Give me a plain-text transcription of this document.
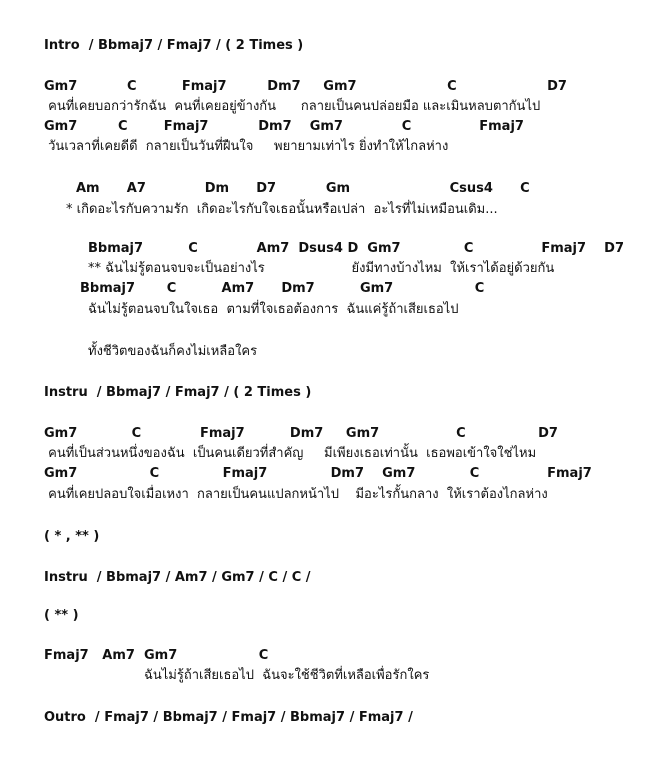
Intro  / Bbmaj7 / Fmaj7 / ( 2 Times )
Gm7           C          Fmaj7         Dm7     Gm7                    C                    D7
คนที่เคยบอกว่ารักฉัน  คนที่เคยอยู่ข้างกัน      กลายเป็นคนปล่อยมือ และเมินหลบตากันไป
Gm7         C        Fmaj7           Dm7    Gm7             C               Fmaj7
วันเวลาที่เคยดีดี  กลายเป็นวันที่ฝืนใจ     พยายามเท่าไร ยิ่งทำให้ไกลห่าง
Am      A7             Dm      D7           Gm                      Csus4      C
* เกิดอะไรกับความรัก  เกิดอะไรกับใจเธอนั้นหรือเปล่า  อะไรที่ไม่เหมือนเดิม...
Bbmaj7          C             Am7  Dsus4 D  Gm7              C               Fmaj7    D7
** ฉันไม่รู้ตอนจบจะเป็นอย่างไร                     ยังมีทางบ้างไหม  ให้เราได้อยู่ด้วยกัน
Bbmaj7       C          Am7      Dm7          Gm7                  C
ฉันไม่รู้ตอนจบในใจเธอ  ตามที่ใจเธอต้องการ  ฉันแค่รู้ถ้าเสียเธอไป
ทั้งชีวิตของฉันก็คงไม่เหลือใคร
Instru  / Bbmaj7 / Fmaj7 / ( 2 Times )
Gm7            C             Fmaj7          Dm7     Gm7                 C                D7
คนที่เป็นส่วนหนึ่งของฉัน  เป็นคนเดียวที่สำคัญ     มีเพียงเธอเท่านั้น  เธอพอเข้าใจใช่ไหม
Gm7                C              Fmaj7              Dm7    Gm7            C               Fmaj7
คนที่เคยปลอบใจเมื่อเหงา  กลายเป็นคนแปลกหน้าไป    มีอะไรกั้นกลาง  ให้เราต้องไกลห่าง
( * , ** )
Instru  / Bbmaj7 / Am7 / Gm7 / C / C /
( ** )
Fmaj7   Am7  Gm7                  C
ฉันไม่รู้ถ้าเสียเธอไป  ฉันจะใช้ชีวิตที่เหลือเพื่อรักใคร
Outro  / Fmaj7 / Bbmaj7 / Fmaj7 / Bbmaj7 / Fmaj7 /
